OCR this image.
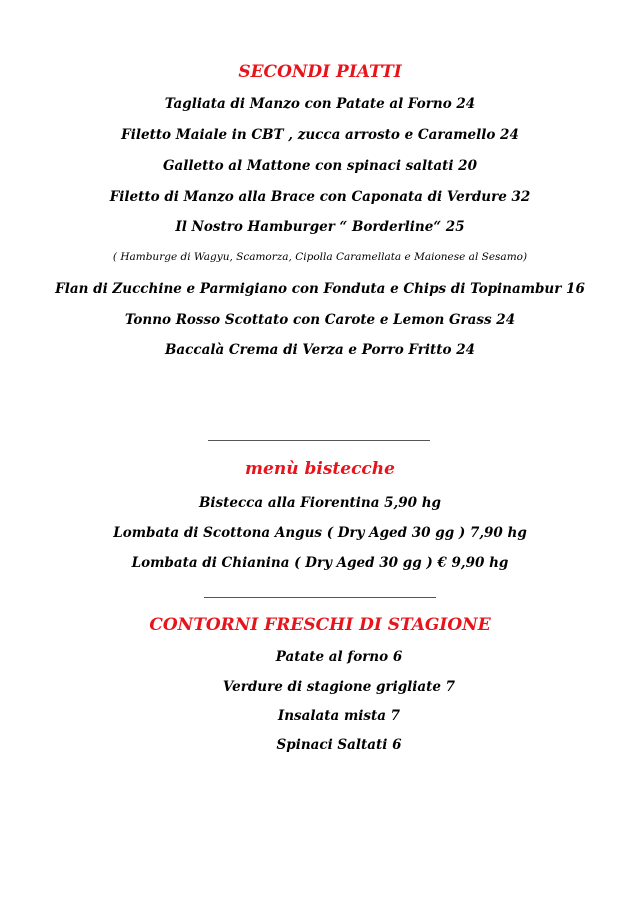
SECONDI PIATTI
Tagliata di Manzo con Patate al Forno 24
Filetto Maiale in CBT , zucca arrosto e Caramello 24
Galletto al Mattone con spinaci saltati 20
Filetto di Manzo alla Brace con Caponata di Verdure 32
Il Nostro Hamburger “ Borderline“ 25
( Hamburge di Wagyu, Scamorza, Cipolla Caramellata e Maionese al Sesamo)
Flan di Zucchine e Parmigiano con Fonduta e Chips di Topinambur 16
Tonno Rosso Scottato con Carote e Lemon Grass 24
Baccalà Crema di Verza e Porro Fritto 24
menù bistecche
Bistecca alla Fiorentina 5,90 hg
Lombata di Scottona Angus ( Dry Aged 30 gg ) 7,90 hg
Lombata di Chianina ( Dry Aged 30 gg ) € 9,90 hg
CONTORNI FRESCHI DI STAGIONE
Patate al forno 6
Verdure di stagione grigliate 7
Insalata mista 7
Spinaci Saltati 6
